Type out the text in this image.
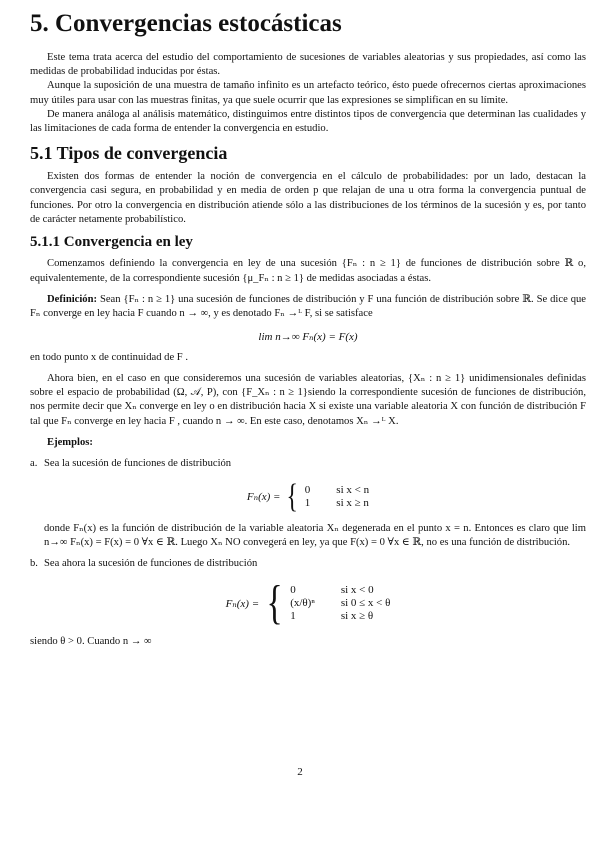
5. Convergencias estocásticas

Este tema trata acerca del estudio del comportamiento de sucesiones de variables aleatorias y sus propiedades, así como las medidas de probabilidad inducidas por éstas.

Aunque la suposición de una muestra de tamaño infinito es un artefacto teórico, ésto puede ofrecernos ciertas aproximaciones muy útiles para usar con las muestras finitas, ya que suele ocurrir que las expresiones se simplifican en su límite.

De manera análoga al análisis matemático, distinguimos entre distintos tipos de convergencia que determinan las cualidades y las limitaciones de cada forma de entender la convergencia en estudio.

5.1 Tipos de convergencia

Existen dos formas de entender la noción de convergencia en el cálculo de probabilidades: por un lado, destacan la convergencia casi segura, en probabilidad y en media de orden p que relajan de una u otra forma la convergencia puntual de funciones. Por otro la convergencia en distribución atiende sólo a las distribuciones de los términos de la sucesión y es, por tanto de carácter netamente probabilístico.

5.1.1 Convergencia en ley

Comenzamos definiendo la convergencia en ley de una sucesión {Fₙ : n ≥ 1} de funciones de distribución sobre ℝ o, equivalentemente, de la correspondiente sucesión {μ_Fₙ : n ≥ 1} de medidas asociadas a éstas.

Definición: Sean {Fₙ : n ≥ 1} una sucesión de funciones de distribución y F una función de distribución sobre ℝ. Se dice que Fₙ converge en ley hacia F cuando n → ∞, y es denotado Fₙ →ᴸ F, si se satisface

lim n→∞ Fₙ(x) = F(x)

en todo punto x de continuidad de F .

Ahora bien, en el caso en que consideremos una sucesión de variables aleatorias, {Xₙ : n ≥ 1} unidimensionales definidas sobre el espacio de probabilidad (Ω, 𝒜, P), con {F_Xₙ : n ≥ 1}siendo la correspondiente sucesión de funciones de distribución, nos permite decir que Xₙ converge en ley o en distribución hacia X si existe una variable aleatoria X con función de distribución F tal que Fₙ converge en ley hacia F , cuando n → ∞. En este caso, denotamos Xₙ →ᴸ X.

Ejemplos:

a. Sea la sucesión de funciones de distribución

Fₙ(x) = { 0 si x < n
1 si x ≥ n

donde Fₙ(x) es la función de distribución de la variable aleatoria Xₙ degenerada en el punto x = n. Entonces es claro que lim n→∞ Fₙ(x) = F(x) = 0 ∀x ∈ ℝ. Luego Xₙ NO convegerá en ley, ya que F(x) = 0 ∀x ∈ ℝ, no es una función de distribución.

b. Sea ahora la sucesión de funciones de distribución

Fₙ(x) = { 0	si x < 0
(x/θ)ⁿ si 0 ≤ x < θ
1	si x ≥ θ

siendo θ > 0. Cuando n → ∞

2
